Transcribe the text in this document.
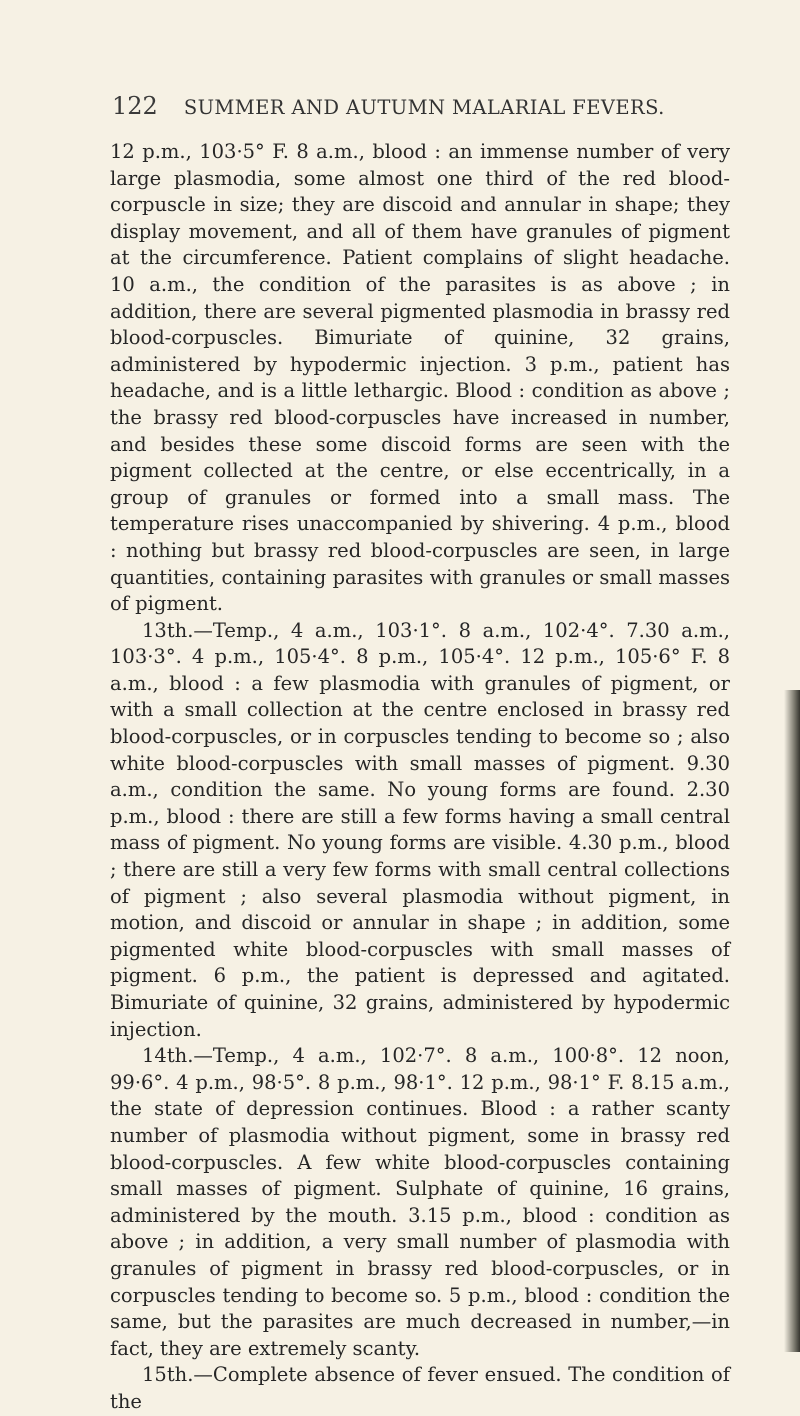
122 SUMMER AND AUTUMN MALARIAL FEVERS.

12 p.m., 103·5° F. 8 a.m., blood : an immense number of very large plasmodia, some almost one third of the red blood-corpuscle in size; they are discoid and annular in shape; they display movement, and all of them have granules of pigment at the circumference. Patient complains of slight headache. 10 a.m., the condition of the parasites is as above ; in addition, there are several pigmented plasmodia in brassy red blood-corpuscles. Bimuriate of quinine, 32 grains, administered by hypodermic injection. 3 p.m., patient has headache, and is a little lethargic. Blood : condition as above ; the brassy red blood-corpuscles have increased in number, and besides these some discoid forms are seen with the pigment collected at the centre, or else eccentrically, in a group of granules or formed into a small mass. The temperature rises unaccompanied by shivering. 4 p.m., blood : nothing but brassy red blood-corpuscles are seen, in large quantities, containing parasites with granules or small masses of pigment.

13th.—Temp., 4 a.m., 103·1°. 8 a.m., 102·4°. 7.30 a.m., 103·3°. 4 p.m., 105·4°. 8 p.m., 105·4°. 12 p.m., 105·6° F. 8 a.m., blood : a few plasmodia with granules of pigment, or with a small collection at the centre enclosed in brassy red blood-corpuscles, or in corpuscles tending to become so ; also white blood-corpuscles with small masses of pigment. 9.30 a.m., condition the same. No young forms are found. 2.30 p.m., blood : there are still a few forms having a small central mass of pigment. No young forms are visible. 4.30 p.m., blood ; there are still a very few forms with small central collections of pigment ; also several plasmodia without pigment, in motion, and discoid or annular in shape ; in addition, some pigmented white blood-corpuscles with small masses of pigment. 6 p.m., the patient is depressed and agitated. Bimuriate of quinine, 32 grains, administered by hypodermic injection.

14th.—Temp., 4 a.m., 102·7°. 8 a.m., 100·8°. 12 noon, 99·6°. 4 p.m., 98·5°. 8 p.m., 98·1°. 12 p.m., 98·1° F. 8.15 a.m., the state of depression continues. Blood : a rather scanty number of plasmodia without pigment, some in brassy red blood-corpuscles. A few white blood-corpuscles containing small masses of pigment. Sulphate of quinine, 16 grains, administered by the mouth. 3.15 p.m., blood : condition as above ; in addition, a very small number of plasmodia with granules of pigment in brassy red blood-corpuscles, or in corpuscles tending to become so. 5 p.m., blood : condition the same, but the parasites are much decreased in number,—in fact, they are extremely scanty.

15th.—Complete absence of fever ensued. The condition of the
